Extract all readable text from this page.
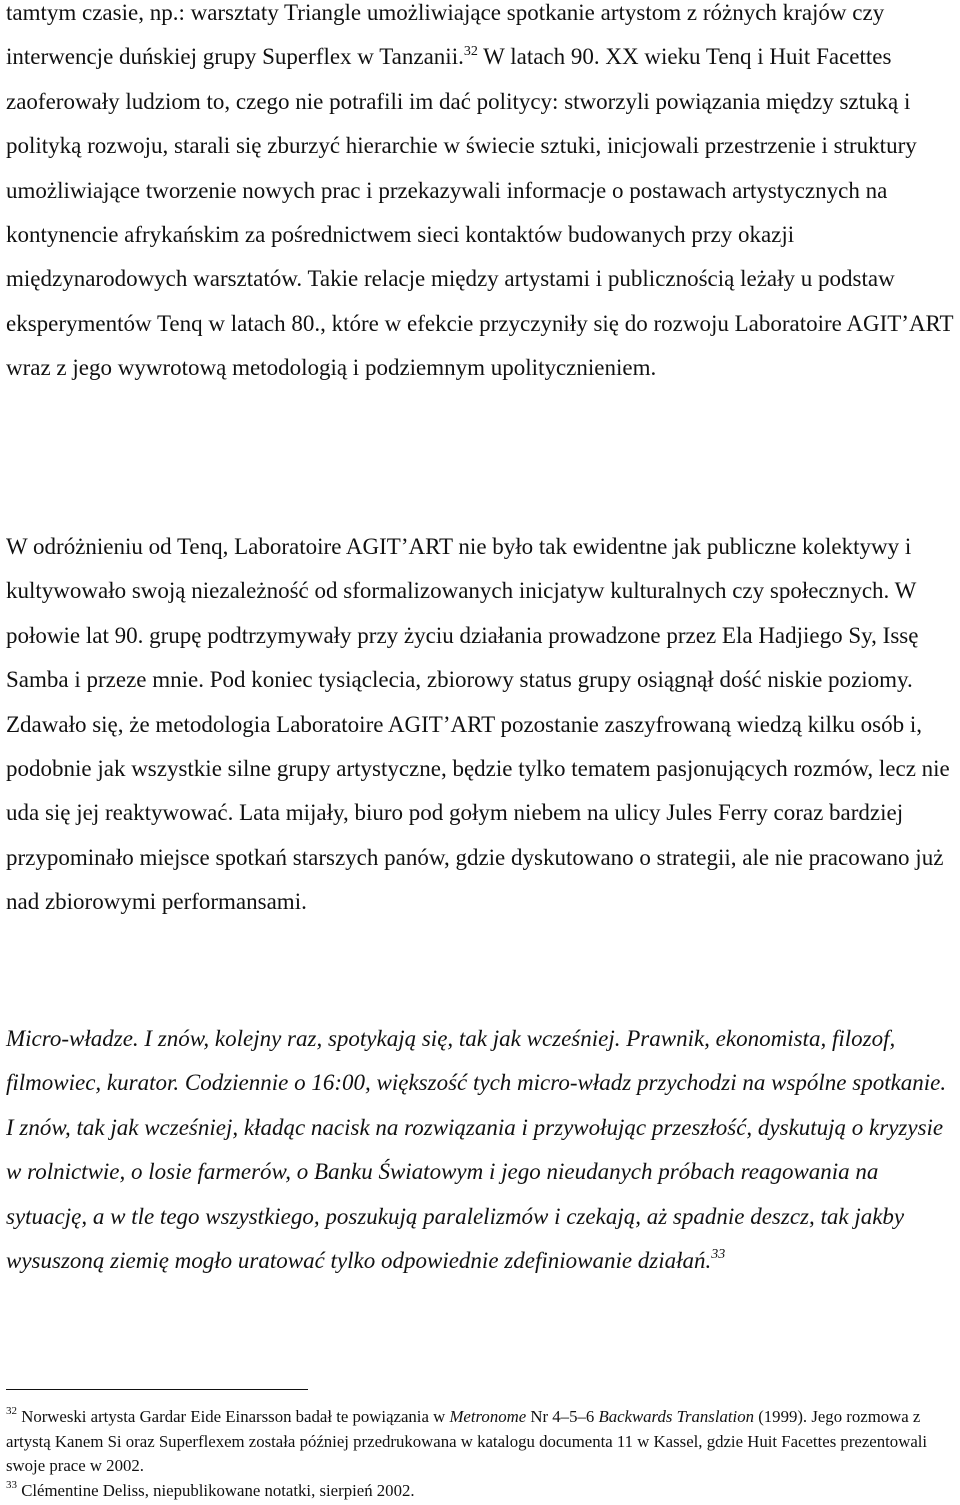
tamtym czasie, np.: warsztaty Triangle umożliwiające spotkanie artystom z różnych krajów czy interwencje duńskiej grupy Superflex w Tanzanii.$^{32}$ W latach 90. XX wieku Tenq i Huit Facettes zaoferowały ludziom to, czego nie potrafili im dać politycy: stworzyli powiązania między sztuką i polityką rozwoju, starali się zburzyć hierarchie w świecie sztuki, inicjowali przestrzenie i struktury umożliwiające tworzenie nowych prac i przekazywali informacje o postawach artystycznych na kontynencie afrykańskim za pośrednictwem sieci kontaktów budowanych przy okazji międzynarodowych warsztatów. Takie relacje między artystami i publicznością leżały u podstaw eksperymentów Tenq w latach 80., które w efekcie przyczyniły się do rozwoju Laboratoire AGIT’ART wraz z jego wywrotową metodologią i podziemnym upolitycznieniem.

W odróżnieniu od Tenq, Laboratoire AGIT’ART nie było tak ewidentne jak publiczne kolektywy i kultywowało swoją niezależność od sformalizowanych inicjatyw kulturalnych czy społecznych. W połowie lat 90. grupę podtrzymywały przy życiu działania prowadzone przez Ela Hadjiego Sy, Issę Samba i przeze mnie. Pod koniec tysiąclecia, zbiorowy status grupy osiągnął dość niskie poziomy. Zdawało się, że metodologia Laboratoire AGIT’ART pozostanie zaszyfrowaną wiedzą kilku osób i, podobnie jak wszystkie silne grupy artystyczne, będzie tylko tematem pasjonujących rozmów, lecz nie uda się jej reaktywować. Lata mijały, biuro pod gołym niebem na ulicy Jules Ferry coraz bardziej przypominało miejsce spotkań starszych panów, gdzie dyskutowano o strategii, ale nie pracowano już nad zbiorowymi performansami.

Micro-władze. I znów, kolejny raz, spotykają się, tak jak wcześniej. Prawnik, ekonomista, filozof, filmowiec, kurator. Codziennie o 16:00, większość tych micro-władz przychodzi na wspólne spotkanie. I znów, tak jak wcześniej, kładąc nacisk na rozwiązania i przywołując przeszłość, dyskutują o kryzysie w rolnictwie, o losie farmerów, o Banku Światowym i jego nieudanych próbach reagowania na sytuację, a w tle tego wszystkiego, poszukują paralelizmów i czekają, aż spadnie deszcz, tak jakby wysuszoną ziemię mogło uratować tylko odpowiednie zdefiniowanie działań.$^{33}$

$^{32}$ Norweski artysta Gardar Eide Einarsson badał te powiązania w Metronome Nr 4–5–6 Backwards Translation (1999). Jego rozmowa z artystą Kanem Si oraz Superflexem została później przedrukowana w katalogu documenta 11 w Kassel, gdzie Huit Facettes prezentowali swoje prace w 2002.

$^{33}$ Clémentine Deliss, niepublikowane notatki, sierpień 2002.
